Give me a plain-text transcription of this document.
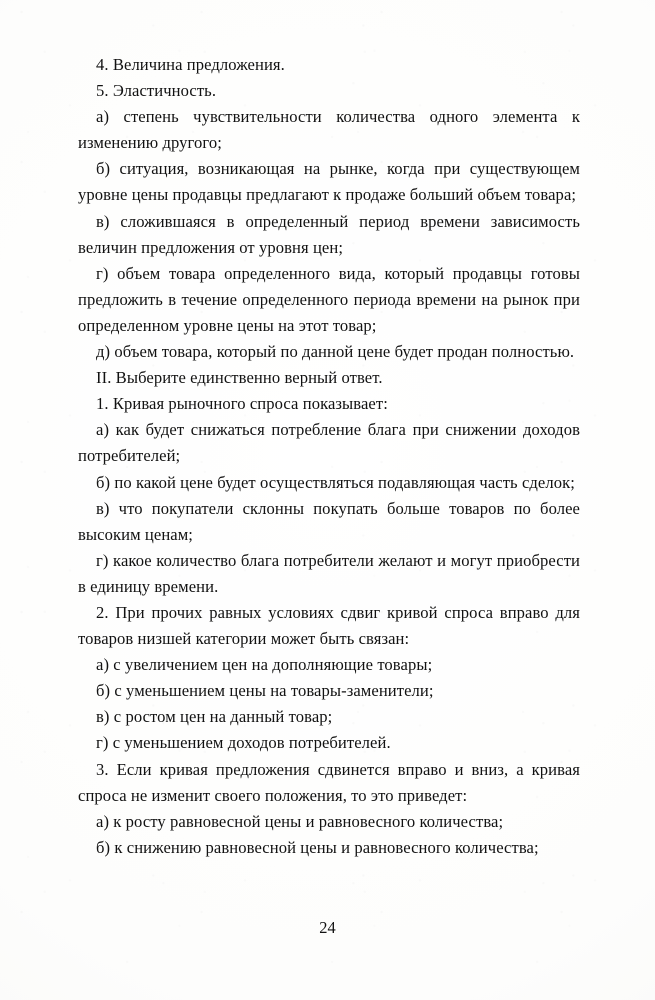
4. Величина предложения.

5. Эластичность.

а) степень чувствительности количества одного элемента к изменению другого;

б) ситуация, возникающая на рынке, когда при существующем уровне цены продавцы предлагают к продаже больший объем товара;

в) сложившаяся в определенный период времени зависимость величин предложения от уровня цен;

г) объем товара определенного вида, который продавцы готовы предложить в течение определенного периода времени на рынок при определенном уровне цены на этот товар;

д) объем товара, который по данной цене будет продан полностью.

II. Выберите единственно верный ответ.

1. Кривая рыночного спроса показывает:

а) как будет снижаться потребление блага при снижении доходов потребителей;

б) по какой цене будет осуществляться подавляющая часть сделок;

в) что покупатели склонны покупать больше товаров по более высоким ценам;

г) какое количество блага потребители желают и могут приобрести в единицу времени.

2. При прочих равных условиях сдвиг кривой спроса вправо для товаров низшей категории может быть связан:

а) с увеличением цен на дополняющие товары;

б) с уменьшением цены на товары-заменители;

в) с ростом цен на данный товар;

г) с уменьшением доходов потребителей.

3. Если кривая предложения сдвинется вправо и вниз, а кривая спроса не изменит своего положения, то это приведет:

а) к росту равновесной цены и равновесного количества;

б) к снижению равновесной цены и равновесного количества;

24
